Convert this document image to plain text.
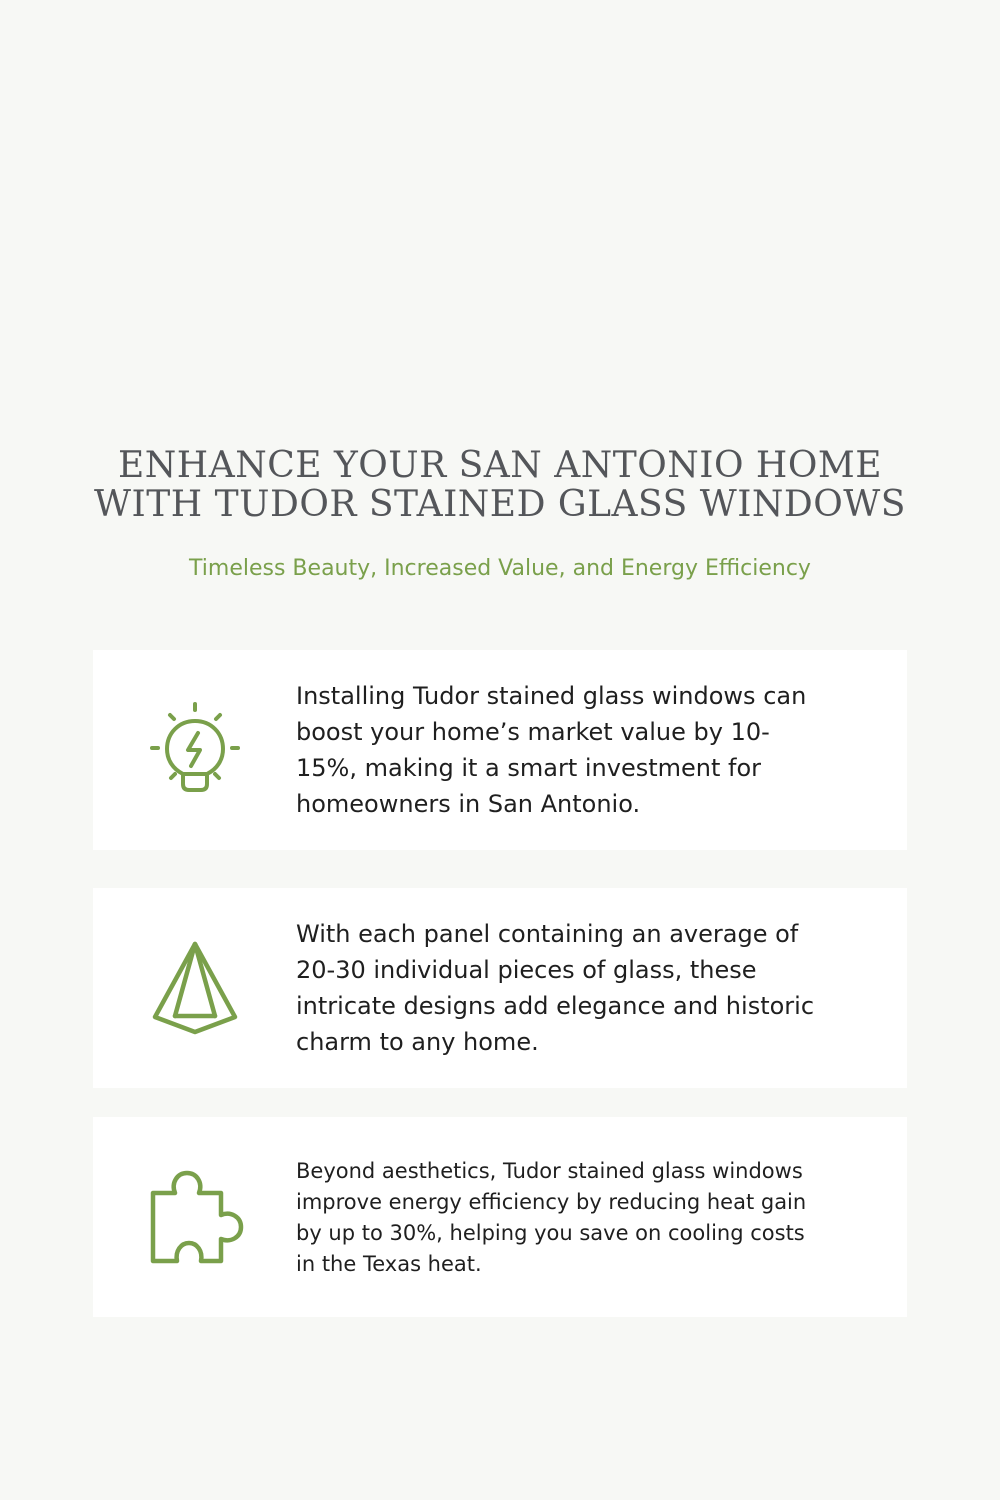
ENHANCE YOUR SAN ANTONIO HOME
WITH TUDOR STAINED GLASS WINDOWS

Timeless Beauty, Increased Value, and Energy Efficiency

Installing Tudor stained glass windows can boost your home’s market value by 10-15%, making it a smart investment for homeowners in San Antonio.

With each panel containing an average of 20-30 individual pieces of glass, these intricate designs add elegance and historic charm to any home.

Beyond aesthetics, Tudor stained glass windows improve energy efficiency by reducing heat gain by up to 30%, helping you save on cooling costs in the Texas heat.
